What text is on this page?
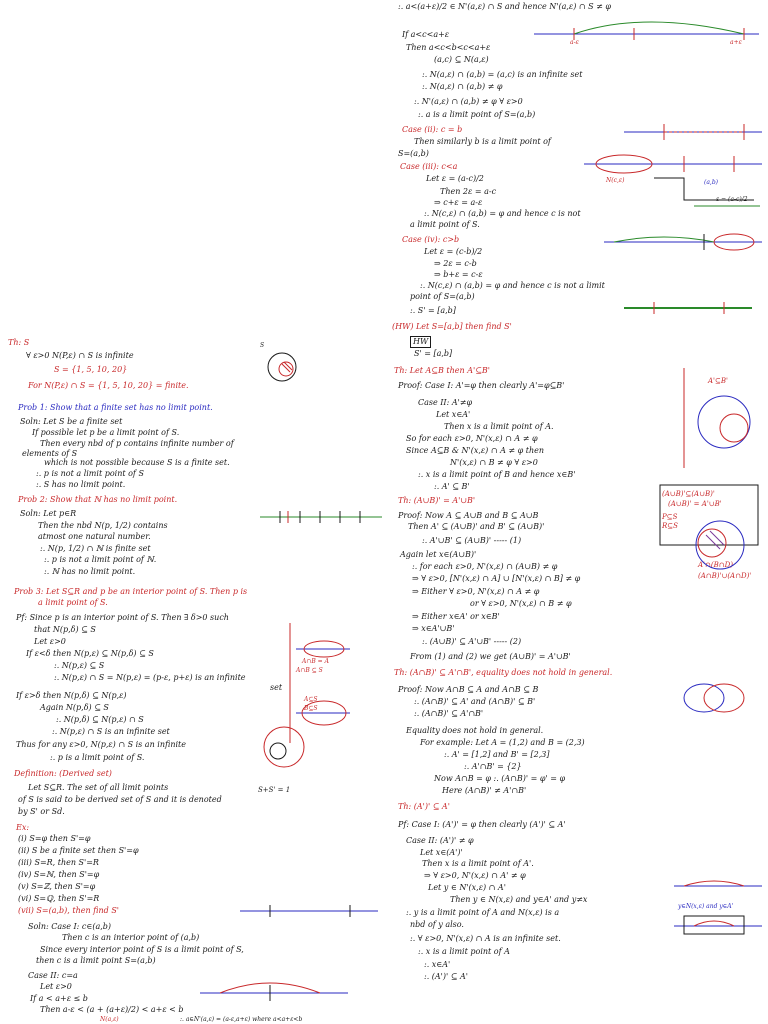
:. a<(a+ε)/2 ∈ N'(a,ε) ∩ S and hence N'(a,ε) ∩ S ≠ φ
If a<c<a+ε
Then a<c<b<c<a+ε
(a,c) ⊆ N(a,ε)
:. N(a,ε) ∩ (a,b) = (a,c) is an infinite set
:. N(a,ε) ∩ (a,b) ≠ φ
:. N'(a,ε) ∩ (a,b) ≠ φ ∀ ε>0
:. a is a limit point of S=(a,b)
Case (ii): c = b
Then similarly b is a limit point of
S=(a,b)
Case (iii): c<a
Let ε = (a-c)/2
Then 2ε = a-c
⇒ c+ε = a-ε
:. N(c,ε) ∩ (a,b) = φ and hence c is not
a limit point of S.
Case (iv): c>b
Let ε = (c-b)/2
⇒ 2ε = c-b
⇒ b+ε = c-ε
:. N(c,ε) ∩ (a,b) = φ and hence c is not a limit
point of S=(a,b)
:. S' = [a,b]
(HW) Let S=[a,b] then find S'
HW
S' = [a,b]
Th: Let A⊆B then A'⊆B'
Proof: Case I: A'=φ then clearly A'=φ⊆B'
Case II: A'≠φ
Let x∈A'
Then x is a limit point of A.
So for each ε>0, N'(x,ε) ∩ A ≠ φ
Since A⊆B & N'(x,ε) ∩ A ≠ φ then
N'(x,ε) ∩ B ≠ φ ∀ ε>0
:. x is a limit point of B and hence x∈B'
:. A' ⊆ B'
Th: (A∪B)' = A'∪B'
Proof: Now A ⊆ A∪B and B ⊆ A∪B
Then A' ⊆ (A∪B)' and B' ⊆ (A∪B)'
:. A'∪B' ⊆ (A∪B)' ----- (1)
Again let x∈(A∪B)'
:. for each ε>0, N'(x,ε) ∩ (A∪B) ≠ φ
⇒ ∀ ε>0, [N'(x,ε) ∩ A] ∪ [N'(x,ε) ∩ B] ≠ φ
⇒ Either ∀ ε>0, N'(x,ε) ∩ A ≠ φ
or ∀ ε>0, N'(x,ε) ∩ B ≠ φ
⇒ Either x∈A' or x∈B'
⇒ x∈A'∪B'
:. (A∪B)' ⊆ A'∪B' ----- (2)
From (1) and (2) we get (A∪B)' = A'∪B'
Th: (A∩B)' ⊆ A'∩B', equality does not hold in general.
Proof: Now A∩B ⊆ A and A∩B ⊆ B
:. (A∩B)' ⊆ A' and (A∩B)' ⊆ B'
:. (A∩B)' ⊆ A'∩B'
Equality does not hold in general.
For example: Let A = (1,2) and B = (2,3)
:. A' = [1,2] and B' = [2,3]
:. A'∩B' = {2}
Now A∩B = φ :. (A∩B)' = φ' = φ
Here (A∩B)' ≠ A'∩B'
Th: (A')' ⊆ A'
Pf: Case I: (A')' = φ then clearly (A')' ⊆ A'
Case II: (A')' ≠ φ
Let x∈(A')'
Then x is a limit point of A'.
⇒ ∀ ε>0, N'(x,ε) ∩ A' ≠ φ
Let y ∈ N'(x,ε) ∩ A'
Then y ∈ N(x,ε) and y∈A' and y≠x
:. y is a limit point of A and N(x,ε) is a
nbd of y also.
:. ∀ ε>0, N'(x,ε) ∩ A is an infinite set.
:. x is a limit point of A
:. x∈A'
:. (A')' ⊆ A'
A'⊆B'
(A∪B)'⊆(A∪B)'
(A∪B)' = A'∪B'
P⊆S
R⊆S
A'∩(B∩D)
(A∩B)'∪(A∩D)'
y∈N(x,ε) and y∈A'
a-ε	a+ε
N(c,ε)	(a,b)
ε = (a-c)/2
Th: S
∀ ε>0 N(P,ε) ∩ S is infinite
S = {1, 5, 10, 20}
For N(P,ε) ∩ S = {1, 5, 10, 20} = finite.
Prob 1: Show that a finite set has no limit point.
Soln: Let S be a finite set
If possible let p be a limit point of S.
Then every nbd of p contains infinite number of
elements of S
which is not possible because S is a finite set.
:. p is not a limit point of S
:. S has no limit point.
Prob 2: Show that ℕ has no limit point.
Soln: Let p∈R
Then the nbd N(p, 1/2) contains
atmost one natural number.
:. N(p, 1/2) ∩ ℕ is finite set
:. p is not a limit point of ℕ.
:. ℕ has no limit point.
Prob 3: Let S⊆R and p be an interior point of S. Then p is
a limit point of S.
Pf: Since p is an interior point of S. Then ∃ δ>0 such
that N(p,δ) ⊆ S
Let ε>0
If ε<δ then N(p,ε) ⊆ N(p,δ) ⊆ S
:. N(p,ε) ⊆ S
:. N(p,ε) ∩ S = N(p,ε) = (p-ε, p+ε) is an infinite
set
If ε>δ then N(p,δ) ⊆ N(p,ε)
Again N(p,δ) ⊆ S
:. N(p,δ) ⊆ N(p,ε) ∩ S
:. N(p,ε) ∩ S is an infinite set
Thus for any ε>0, N(p,ε) ∩ S is an infinite
:. p is a limit point of S.
Definition: (Derived set)
Let S⊆R. The set of all limit points
of S is said to be derived set of S and it is denoted
by S' or Sd.
Ex:
(i) S=φ then S'=φ
(ii) S be a finite set then S'=φ
(iii) S=R, then S'=R
(iv) S=ℕ, then S'=φ
(v) S=ℤ, then S'=φ
(vi) S=ℚ, then S'=R
(vii) S=(a,b), then find S'
Soln: Case I: c∈(a,b)
Then c is an interior point of (a,b)
Since every interior point of S is a limit point of S,
then c is a limit point S=(a,b)
Case II: c=a
Let ε>0
If a < a+ε ≤ b
Then a-ε < (a + (a+ε)/2) < a+ε < b
N(a,ε)	:. a∈N'(a,ε) = (a-ε,a+ε) where a<a+ε<b
A∩B = A
A∩B ⊆ S
A⊆S
B⊆S
S+S' = 1
S
